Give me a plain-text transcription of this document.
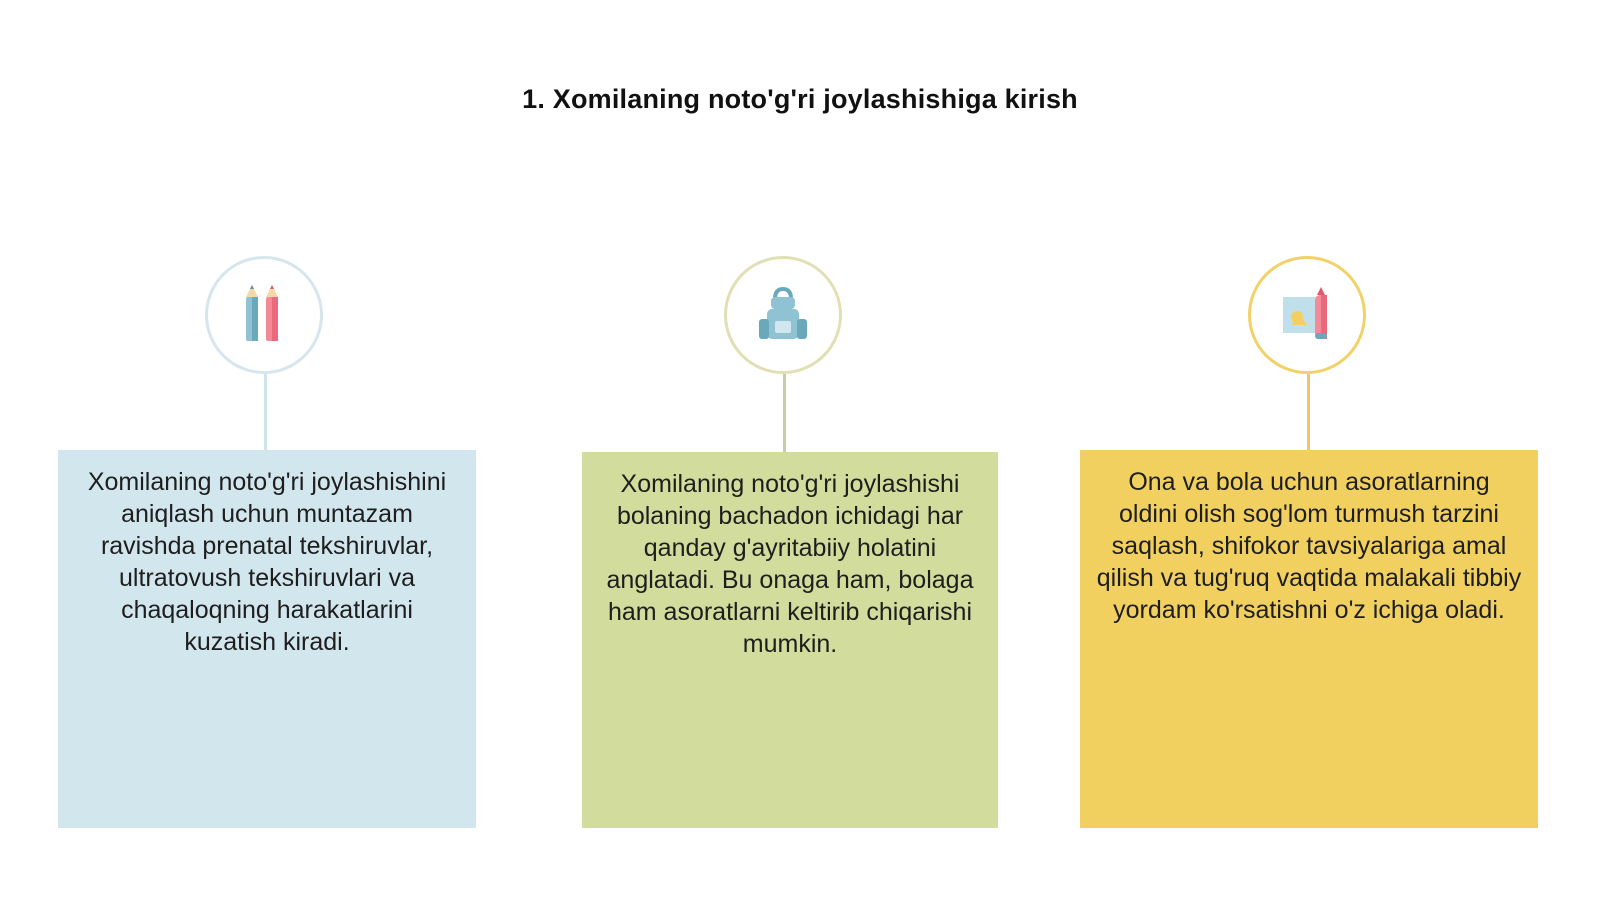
1. Xomilaning noto'g'ri joylashishiga kirish

Xomilaning noto'g'ri joylashishini aniqlash uchun muntazam ravishda prenatal tekshiruvlar, ultratovush tekshiruvlari va chaqaloqning harakatlarini kuzatish kiradi.

Xomilaning noto'g'ri joylashishi bolaning bachadon ichidagi har qanday g'ayritabiiy holatini anglatadi. Bu onaga ham, bolaga ham asoratlarni keltirib chiqarishi mumkin.

Ona va bola uchun asoratlarning oldini olish sog'lom turmush tarzini saqlash, shifokor tavsiyalariga amal qilish va tug'ruq vaqtida malakali tibbiy yordam ko'rsatishni o'z ichiga oladi.
